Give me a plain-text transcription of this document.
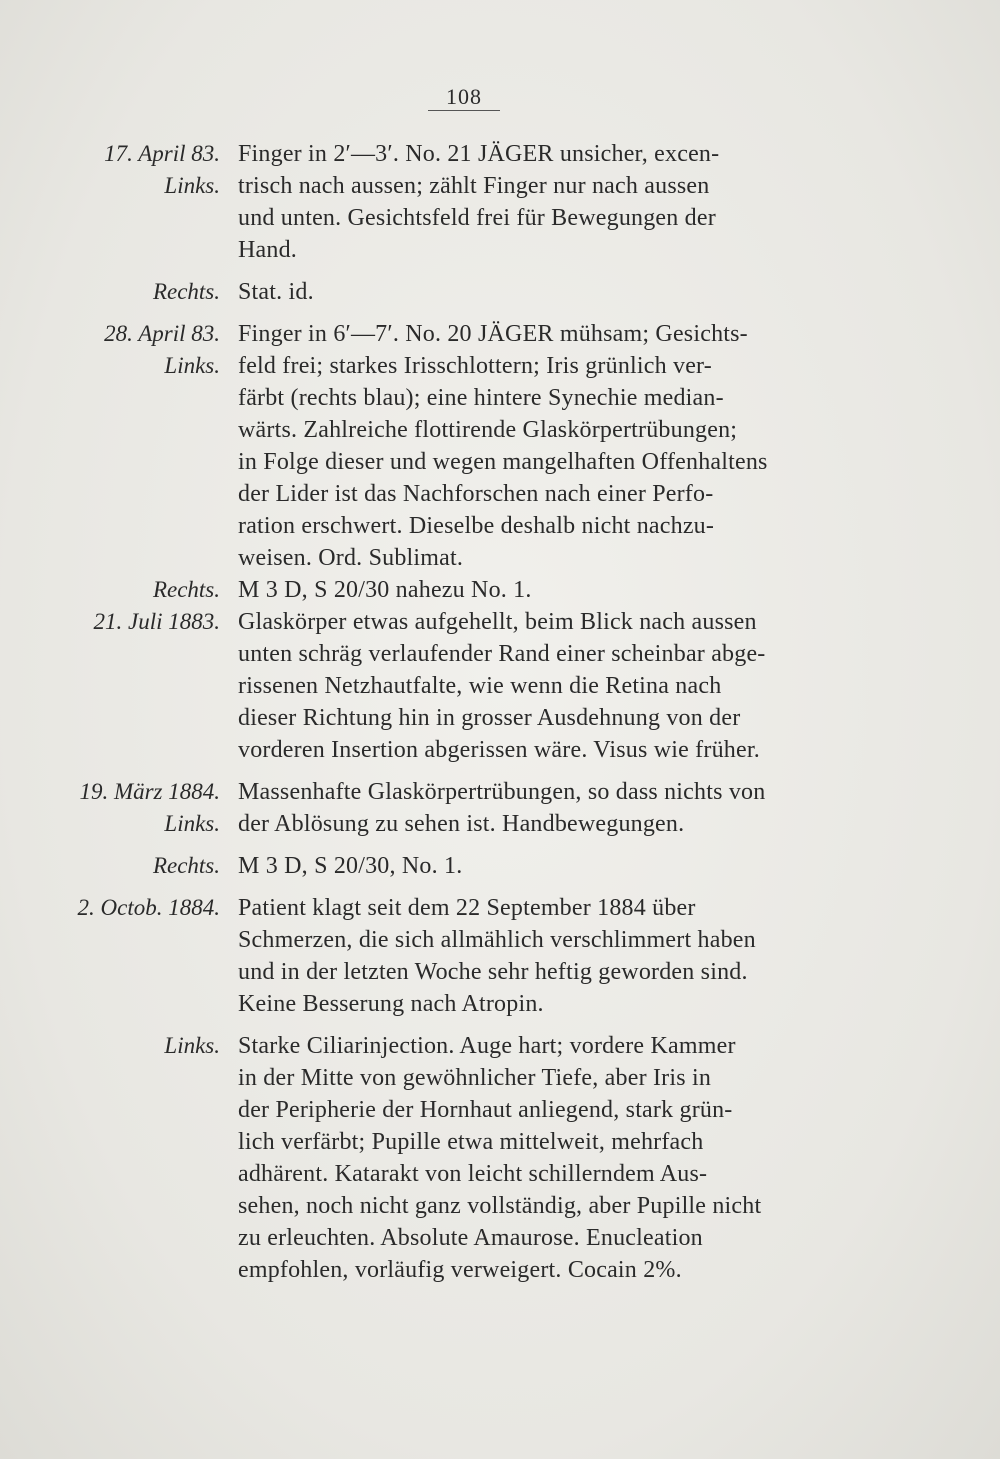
108
17. April 83.
Links.
Finger in 2′—3′. No. 21 JÄGER unsicher, excen-
trisch nach aussen; zählt Finger nur nach aussen
und unten. Gesichtsfeld frei für Bewegungen der
Hand.
Rechts. Stat. id.
28. April 83.
Links.
Finger in 6′—7′. No. 20 JÄGER mühsam; Gesichts-
feld frei; starkes Irisschlottern; Iris grünlich ver-
färbt (rechts blau); eine hintere Synechie median-
wärts. Zahlreiche flottirende Glaskörpertrübungen;
in Folge dieser und wegen mangelhaften Offenhaltens
der Lider ist das Nachforschen nach einer Perfo-
ration erschwert. Dieselbe deshalb nicht nachzu-
weisen. Ord. Sublimat.
Rechts. M 3 D, S 20/30 nahezu No. 1.
21. Juli 1883. Glaskörper etwas aufgehellt, beim Blick nach aussen
unten schräg verlaufender Rand einer scheinbar abge-
rissenen Netzhautfalte, wie wenn die Retina nach
dieser Richtung hin in grosser Ausdehnung von der
vorderen Insertion abgerissen wäre. Visus wie früher.
19. März 1884.
Links.
Massenhafte Glaskörpertrübungen, so dass nichts von
der Ablösung zu sehen ist. Handbewegungen.
Rechts. M 3 D, S 20/30, No. 1.
2. Octob. 1884. Patient klagt seit dem 22 September 1884 über
Schmerzen, die sich allmählich verschlimmert haben
und in der letzten Woche sehr heftig geworden sind.
Keine Besserung nach Atropin.
Links. Starke Ciliarinjection. Auge hart; vordere Kammer
in der Mitte von gewöhnlicher Tiefe, aber Iris in
der Peripherie der Hornhaut anliegend, stark grün-
lich verfärbt; Pupille etwa mittelweit, mehrfach
adhärent. Katarakt von leicht schillerndem Aus-
sehen, noch nicht ganz vollständig, aber Pupille nicht
zu erleuchten. Absolute Amaurose. Enucleation
empfohlen, vorläufig verweigert. Cocain 2%.
